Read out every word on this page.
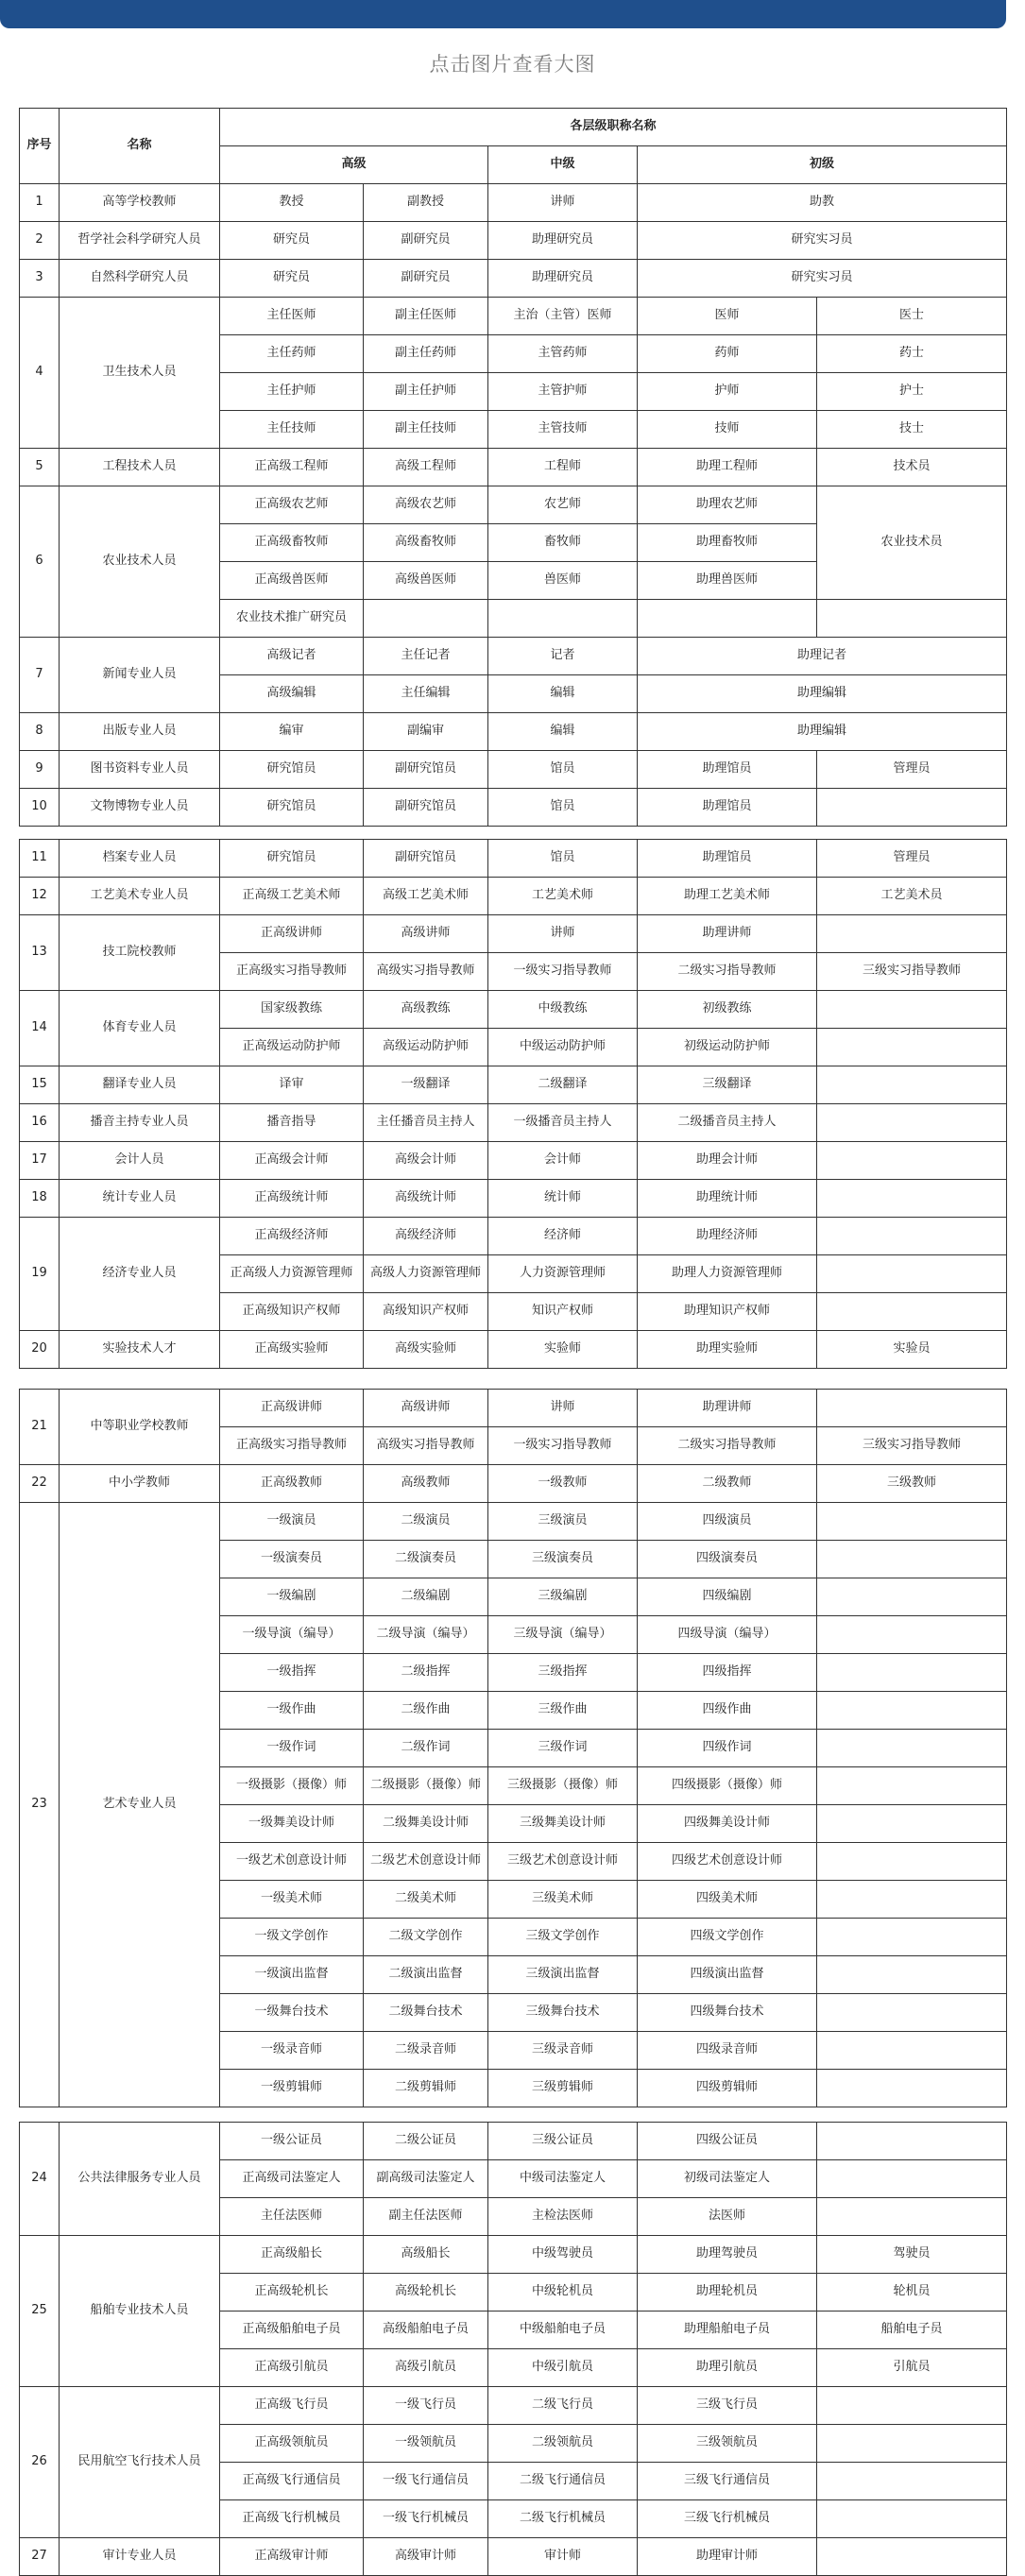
点击图片查看大图
序号	名称	各层级职称名称				
		高级		中级	初级	
1	高等学校教师	教授	副教授	讲师	助教	
2	哲学社会科学研究人员	研究员	副研究员	助理研究员	研究实习员	
3	自然科学研究人员	研究员	副研究员	助理研究员	研究实习员	
4	卫生技术人员	主任医师	副主任医师	主治（主管）医师	医师	医士
		主任药师	副主任药师	主管药师	药师	药士
		主任护师	副主任护师	主管护师	护师	护士
		主任技师	副主任技师	主管技师	技师	技士
5	工程技术人员	正高级工程师	高级工程师	工程师	助理工程师	技术员
6	农业技术人员	正高级农艺师	高级农艺师	农艺师	助理农艺师	农业技术员
		正高级畜牧师	高级畜牧师	畜牧师	助理畜牧师	
		正高级兽医师	高级兽医师	兽医师	助理兽医师	
		农业技术推广研究员				
7	新闻专业人员	高级记者	主任记者	记者	助理记者	
		高级编辑	主任编辑	编辑	助理编辑	
8	出版专业人员	编审	副编审	编辑	助理编辑	
9	图书资料专业人员	研究馆员	副研究馆员	馆员	助理馆员	管理员
10	文物博物专业人员	研究馆员	副研究馆员	馆员	助理馆员	
11	档案专业人员	研究馆员	副研究馆员	馆员	助理馆员	管理员
12	工艺美术专业人员	正高级工艺美术师	高级工艺美术师	工艺美术师	助理工艺美术师	工艺美术员
13	技工院校教师	正高级讲师	高级讲师	讲师	助理讲师	
		正高级实习指导教师	高级实习指导教师	一级实习指导教师	二级实习指导教师	三级实习指导教师
14	体育专业人员	国家级教练	高级教练	中级教练	初级教练	
		正高级运动防护师	高级运动防护师	中级运动防护师	初级运动防护师	
15	翻译专业人员	译审	一级翻译	二级翻译	三级翻译	
16	播音主持专业人员	播音指导	主任播音员主持人	一级播音员主持人	二级播音员主持人	
17	会计人员	正高级会计师	高级会计师	会计师	助理会计师	
18	统计专业人员	正高级统计师	高级统计师	统计师	助理统计师	
19	经济专业人员	正高级经济师	高级经济师	经济师	助理经济师	
		正高级人力资源管理师	高级人力资源管理师	人力资源管理师	助理人力资源管理师	
		正高级知识产权师	高级知识产权师	知识产权师	助理知识产权师	
20	实验技术人才	正高级实验师	高级实验师	实验师	助理实验师	实验员
21	中等职业学校教师	正高级讲师	高级讲师	讲师	助理讲师	
		正高级实习指导教师	高级实习指导教师	一级实习指导教师	二级实习指导教师	三级实习指导教师
22	中小学教师	正高级教师	高级教师	一级教师	二级教师	三级教师
23	艺术专业人员	一级演员	二级演员	三级演员	四级演员	
		一级演奏员	二级演奏员	三级演奏员	四级演奏员	
		一级编剧	二级编剧	三级编剧	四级编剧	
		一级导演（编导）	二级导演（编导）	三级导演（编导）	四级导演（编导）	
		一级指挥	二级指挥	三级指挥	四级指挥	
		一级作曲	二级作曲	三级作曲	四级作曲	
		一级作词	二级作词	三级作词	四级作词	
		一级摄影（摄像）师	二级摄影（摄像）师	三级摄影（摄像）师	四级摄影（摄像）师	
		一级舞美设计师	二级舞美设计师	三级舞美设计师	四级舞美设计师	
		一级艺术创意设计师	二级艺术创意设计师	三级艺术创意设计师	四级艺术创意设计师	
		一级美术师	二级美术师	三级美术师	四级美术师	
		一级文学创作	二级文学创作	三级文学创作	四级文学创作	
		一级演出监督	二级演出监督	三级演出监督	四级演出监督	
		一级舞台技术	二级舞台技术	三级舞台技术	四级舞台技术	
		一级录音师	二级录音师	三级录音师	四级录音师	
		一级剪辑师	二级剪辑师	三级剪辑师	四级剪辑师	
24	公共法律服务专业人员	一级公证员	二级公证员	三级公证员	四级公证员	
		正高级司法鉴定人	副高级司法鉴定人	中级司法鉴定人	初级司法鉴定人	
		主任法医师	副主任法医师	主检法医师	法医师	
25	船舶专业技术人员	正高级船长	高级船长	中级驾驶员	助理驾驶员	驾驶员
		正高级轮机长	高级轮机长	中级轮机员	助理轮机员	轮机员
		正高级船舶电子员	高级船舶电子员	中级船舶电子员	助理船舶电子员	船舶电子员
		正高级引航员	高级引航员	中级引航员	助理引航员	引航员
26	民用航空飞行技术人员	正高级飞行员	一级飞行员	二级飞行员	三级飞行员	
		正高级领航员	一级领航员	二级领航员	三级领航员	
		正高级飞行通信员	一级飞行通信员	二级飞行通信员	三级飞行通信员	
		正高级飞行机械员	一级飞行机械员	二级飞行机械员	三级飞行机械员	
27	审计专业人员	正高级审计师	高级审计师	审计师	助理审计师	
